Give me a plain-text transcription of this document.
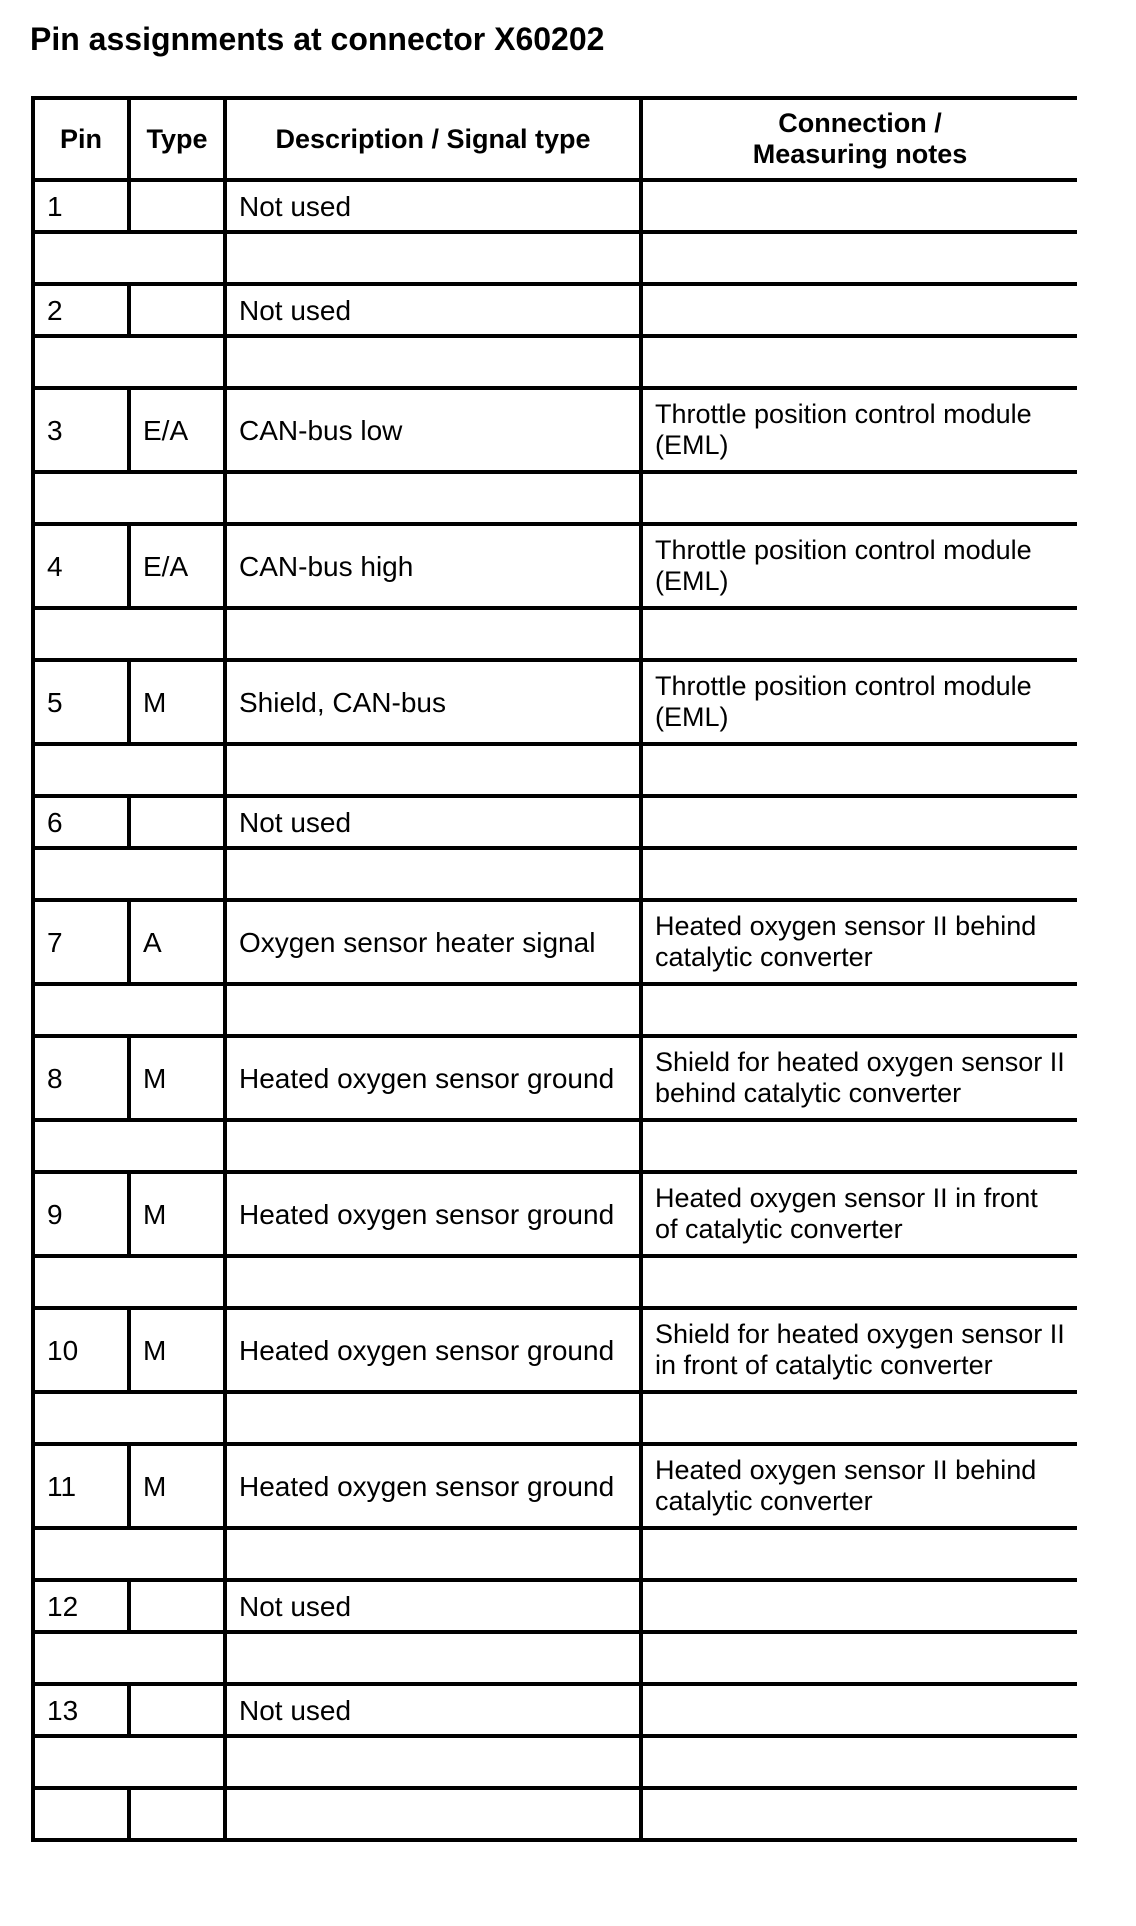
Pin assignments at connector X60202
Pin	Type	Description / Signal type	Connection /
Measuring notes

1		Not used	

2		Not used	

3	E/A	CAN-bus low	Throttle position control module (EML)

4	E/A	CAN-bus high	Throttle position control module (EML)

5	M	Shield, CAN-bus	Throttle position control module (EML)

6		Not used	

7	A	Oxygen sensor heater signal	Heated oxygen sensor II behind catalytic converter

8	M	Heated oxygen sensor ground	Shield for heated oxygen sensor II behind catalytic converter

9	M	Heated oxygen sensor ground	Heated oxygen sensor II in front of catalytic converter

10	M	Heated oxygen sensor ground	Shield for heated oxygen sensor II in front of catalytic converter

11	M	Heated oxygen sensor ground	Heated oxygen sensor II behind catalytic converter

12		Not used	

13		Not used	
